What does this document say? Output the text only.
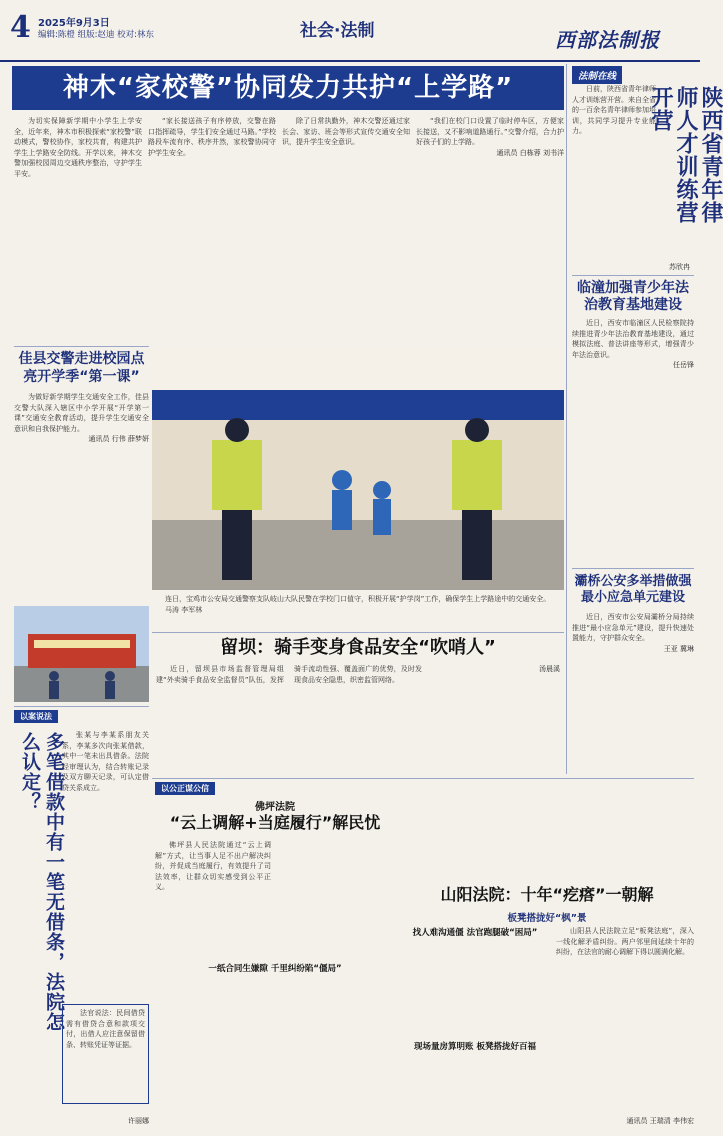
4 2025年9月3日
编辑:陈橙 组版:赵迪 校对:林东	社会·法制	西部法制报
神木“家校警”协同发力共护“上学路”

为切实保障新学期中小学生上学安全，近年来，神木市积极探索“家校警”联动模式，警校协作，家校共育，构建共护学生上学路安全防线。开学以来，神木交警加强校园周边交通秩序整治，守护学生平安。

“家长接送孩子有序停放，交警在路口指挥疏导，学生们安全通过马路。”学校路段车流有序、秩序井然，家校警协同守护学生安全。

除了日常执勤外，神木交警还通过家长会、家访、班会等形式宣传交通安全知识，提升学生安全意识。

“我们在校门口设置了临时停车区，方便家长接送，又不影响道路通行。”交警介绍，合力护好孩子们的上学路。

通讯员 白栋蓉 刘书洋
法制在线

日前，陕西省青年律师人才训练营开营。来自全省的一百余名青年律师参加培训，共同学习提升专业能力。	陕西省青年律师人才训练营开营
苏欣冉
临潼加强青少年法治教育基地建设

近日，西安市临潼区人民检察院持续推进青少年法治教育基地建设，通过模拟法庭、普法讲座等形式，增强青少年法治意识。

任岳锋
灞桥公安多举措做强最小应急单元建设

近日，西安市公安局灞桥分局持续推进“最小应急单元”建设，提升快速处置能力，守护群众安全。

王亚 冀琳
佳县交警走进校园点亮开学季“第一课”

为做好新学期学生交通安全工作，佳县交警大队深入辖区中小学开展“开学第一课”交通安全教育活动，提升学生交通安全意识和自我保护能力。

通讯员 行伟 薛梦妍
连日，宝鸡市公安局交通警察支队岐山大队民警在学校门口值守，积极开展“护学岗”工作，确保学生上学路途中的交通安全。 马涛 李军林
留坝：骑手变身食品安全“吹哨人”

近日，留坝县市场监督管理局组建“外卖骑手食品安全监督员”队伍，发挥骑手流动性强、覆盖面广的优势，及时发现食品安全隐患，织密监管网络。

汤晨溪
以案说法
多笔借款中有一笔无借条，法院怎么认定？	张某与李某系朋友关系，李某多次向张某借款，其中一笔未出具借条。法院经审理认为，结合转账记录及双方聊天记录，可认定借贷关系成立。

法官说法：民间借贷需有借贷合意和款项交付，出借人应注意保留借条、转账凭证等证据。

许丽娜
以公正谋公信
佛坪法院
“云上调解+当庭履行”解民忧

佛坪县人民法院通过“云上调解”方式，让当事人足不出户解决纠纷，并促成当庭履行，有效提升了司法效率，让群众切实感受到公平正义。

一纸合同生嫌隙 千里纠纷陷“僵局”
山阳法院：十年“疙瘩”一朝解
板凳搭拢好“枫”景
找人难沟通僵 法官跑腿破“困局”
现场量房算明账 板凳搭拢好百福

山阳县人民法院立足“板凳法庭”，深入一线化解矛盾纠纷。两户邻里间延续十年的纠纷，在法官的耐心调解下得以圆满化解。

通讯员 王瑞清 李伟宏
